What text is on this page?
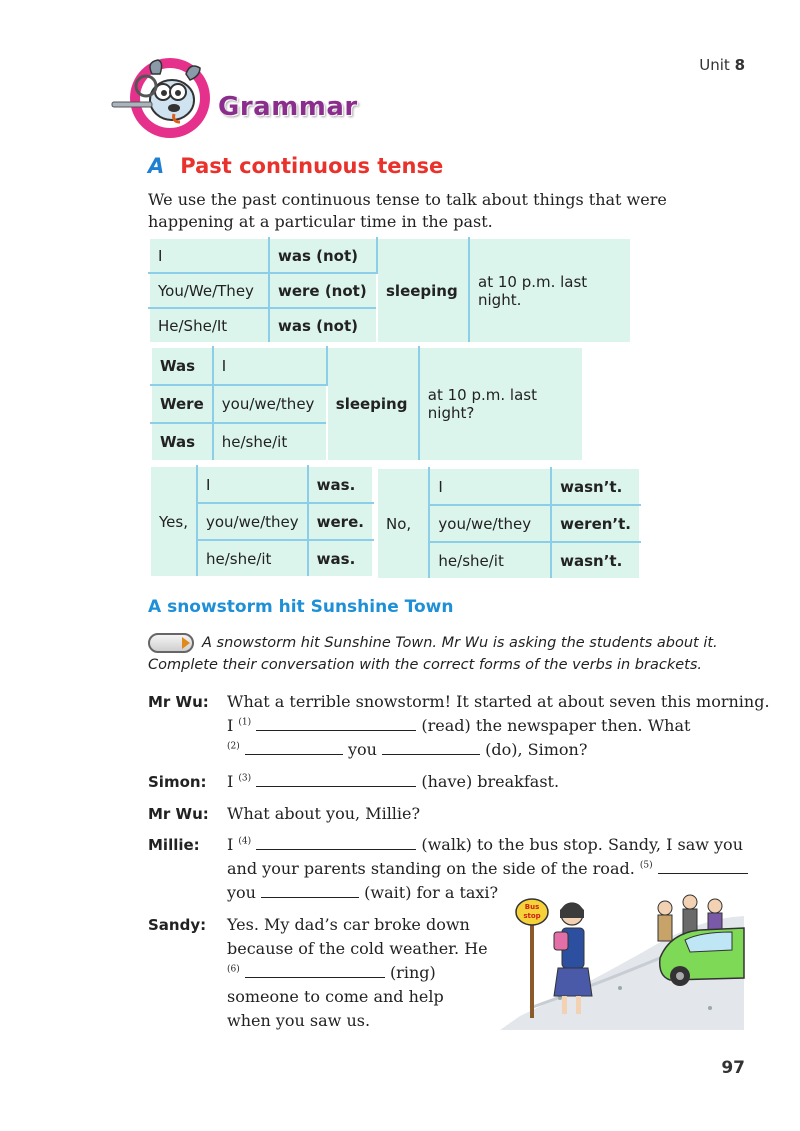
Unit 8
Grammar
A Past continuous tense
We use the past continuous tense to talk about things that were happening at a particular time in the past.
I	was (not)	sleeping	at 10 p.m. last night.
You/We/They	were (not)		
He/She/It	was (not)		
Was	I	sleeping	at 10 p.m. last night?
Were	you/we/they		
Was	he/she/it		
Yes,	I	was.
	you/we/they	were.
	he/she/it	was.
No,	I	wasn’t.
	you/we/they	weren’t.
	he/she/it	wasn’t.
A snowstorm hit Sunshine Town
A snowstorm hit Sunshine Town. Mr Wu is asking the students about it.
Complete their conversation with the correct forms of the verbs in brackets.
Mr Wu: What a terrible snowstorm! It started at about seven this morning.
I $^{(1)}$	(read) the newspaper then. What
$^{(2)}$	you	(do), Simon?
Simon: I $^{(3)}$	(have) breakfast.
Mr Wu: What about you, Millie?
Millie: I $^{(4)}$	(walk) to the bus stop. Sandy, I saw you
and your parents standing on the side of the road. $^{(5)}$
you	(wait) for a taxi?
Sandy: Yes. My dad’s car broke down
because of the cold weather. He
$^{(6)}$	(ring)
someone to come and help
when you saw us.
Bus
stop
97
